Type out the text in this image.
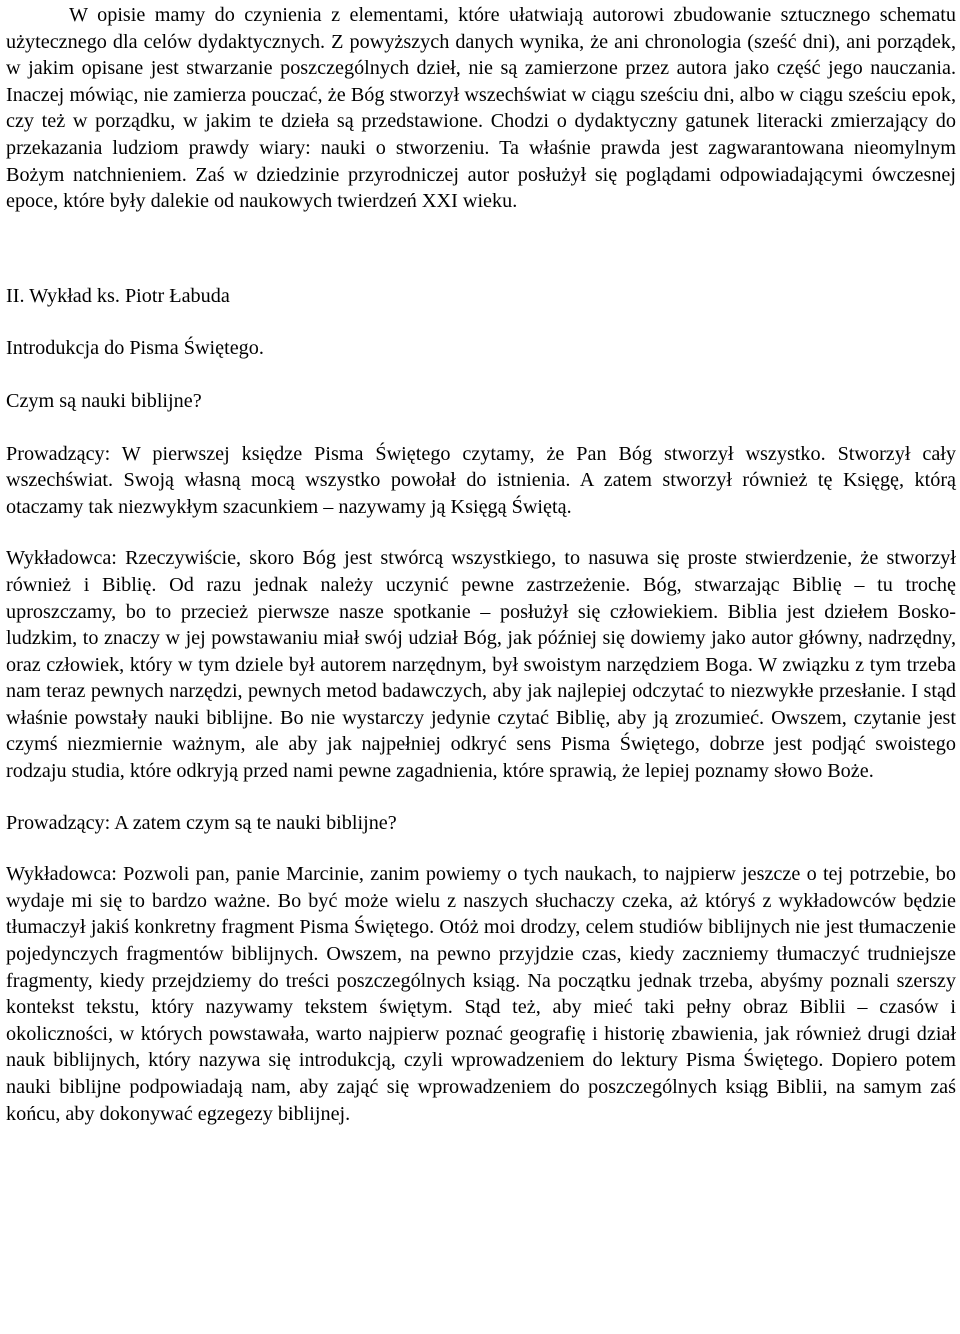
W opisie mamy do czynienia z elementami, które ułatwiają autorowi zbudowanie sztucznego schematu użytecznego dla celów dydaktycznych. Z powyższych danych wynika, że ani chronologia (sześć dni), ani porządek, w jakim opisane jest stwarzanie poszczególnych dzieł, nie są zamierzone przez autora jako część jego nauczania. Inaczej mówiąc, nie zamierza pouczać, że Bóg stworzył wszechświat w ciągu sześciu dni, albo w ciągu sześciu epok, czy też w porządku, w jakim te dzieła są przedstawione. Chodzi o dydaktyczny gatunek literacki zmierzający do przekazania ludziom prawdy wiary: nauki o stworzeniu. Ta właśnie prawda jest zagwarantowana nieomylnym Bożym natchnieniem. Zaś w dziedzinie przyrodniczej autor posłużył się poglądami odpowiadającymi ówczesnej epoce, które były dalekie od naukowych twierdzeń XXI wieku.

II. Wykład ks. Piotr Łabuda

Introdukcja do Pisma Świętego.

Czym są nauki biblijne?

Prowadzący: W pierwszej księdze Pisma Świętego czytamy, że Pan Bóg stworzył wszystko. Stworzył cały wszechświat. Swoją własną mocą wszystko powołał do istnienia. A zatem stworzył również tę Księgę, którą otaczamy tak niezwykłym szacunkiem – nazywamy ją Księgą Świętą.

Wykładowca: Rzeczywiście, skoro Bóg jest stwórcą wszystkiego, to nasuwa się proste stwierdzenie, że stworzył również i Biblię. Od razu jednak należy uczynić pewne zastrzeżenie. Bóg, stwarzając Biblię – tu trochę uproszczamy, bo to przecież pierwsze nasze spotkanie – posłużył się człowiekiem. Biblia jest dziełem Bosko-ludzkim, to znaczy w jej powstawaniu miał swój udział Bóg, jak później się dowiemy jako autor główny, nadrzędny, oraz człowiek, który w tym dziele był autorem narzędnym, był swoistym narzędziem Boga. W związku z tym trzeba nam teraz pewnych narzędzi, pewnych metod badawczych, aby jak najlepiej odczytać to niezwykłe przesłanie. I stąd właśnie powstały nauki biblijne. Bo nie wystarczy jedynie czytać Biblię, aby ją zrozumieć. Owszem, czytanie jest czymś niezmiernie ważnym, ale aby jak najpełniej odkryć sens Pisma Świętego, dobrze jest podjąć swoistego rodzaju studia, które odkryją przed nami pewne zagadnienia, które sprawią, że lepiej poznamy słowo Boże.

Prowadzący: A zatem czym są te nauki biblijne?

Wykładowca: Pozwoli pan, panie Marcinie, zanim powiemy o tych naukach, to najpierw jeszcze o tej potrzebie, bo wydaje mi się to bardzo ważne. Bo być może wielu z naszych słuchaczy czeka, aż któryś z wykładowców będzie tłumaczył jakiś konkretny fragment Pisma Świętego. Otóż moi drodzy, celem studiów biblijnych nie jest tłumaczenie pojedynczych fragmentów biblijnych. Owszem, na pewno przyjdzie czas, kiedy zaczniemy tłumaczyć trudniejsze fragmenty, kiedy przejdziemy do treści poszczególnych ksiąg. Na początku jednak trzeba, abyśmy poznali szerszy kontekst tekstu, który nazywamy tekstem świętym. Stąd też, aby mieć taki pełny obraz Biblii – czasów i okoliczności, w których powstawała, warto najpierw poznać geografię i historię zbawienia, jak również drugi dział nauk biblijnych, który nazywa się introdukcją, czyli wprowadzeniem do lektury Pisma Świętego. Dopiero potem nauki biblijne podpowiadają nam, aby zająć się wprowadzeniem do poszczególnych ksiąg Biblii, na samym zaś końcu, aby dokonywać egzegezy biblijnej.
